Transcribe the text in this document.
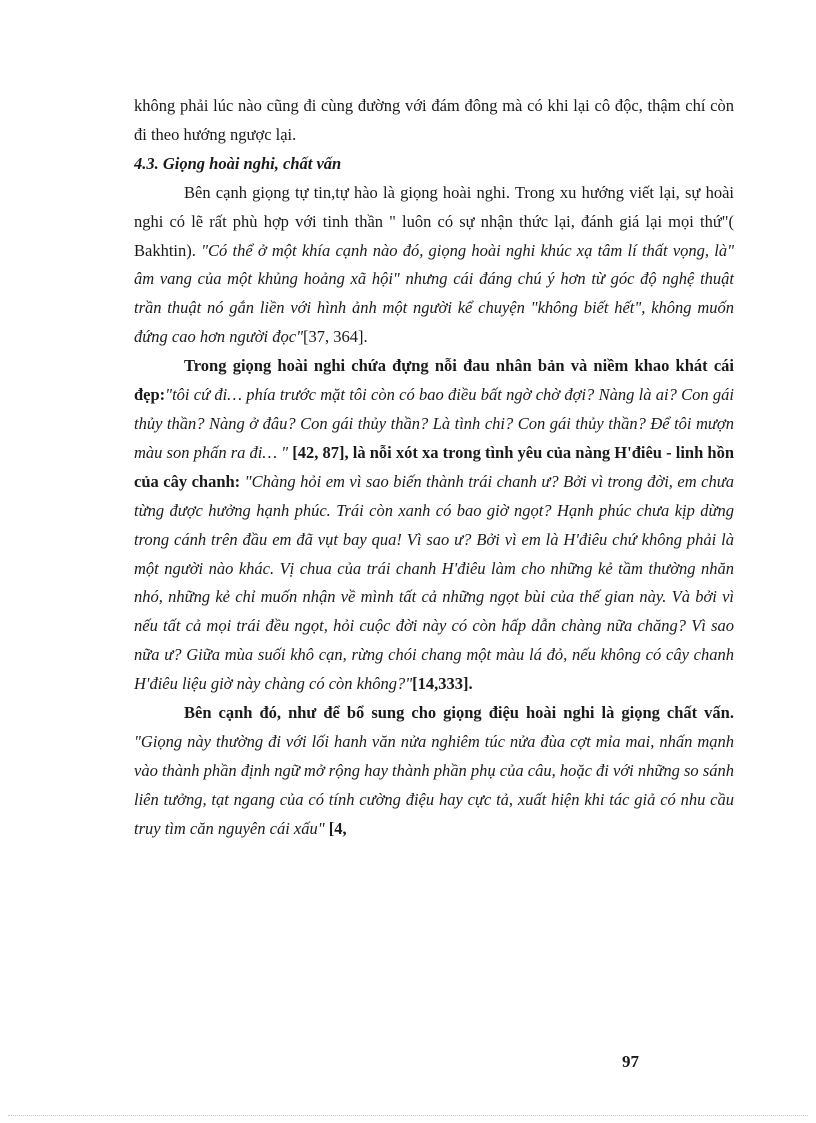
không phải lúc nào cũng đi cùng đường với đám đông mà có khi lại cô độc, thậm chí còn đi theo hướng ngược lại.

4.3. Giọng hoài nghi, chất vấn

Bên cạnh giọng tự tin,tự hào là giọng hoài nghi. Trong xu hướng viết lại, sự hoài nghi có lẽ rất phù hợp với tinh thần " luôn có sự nhận thức lại, đánh giá lại mọi thứ"( Bakhtin). "Có thể ở một khía cạnh nào đó, giọng hoài nghi khúc xạ tâm lí thất vọng, là" âm vang của một khủng hoảng xã hội" nhưng cái đáng chú ý hơn từ góc độ nghệ thuật trần thuật nó gắn liền với hình ảnh một người kể chuyện "không biết hết", không muốn đứng cao hơn người đọc"[37, 364].

Trong giọng hoài nghi chứa đựng nỗi đau nhân bản và niềm khao khát cái đẹp:"tôi cứ đi… phía trước mặt tôi còn có bao điều bất ngờ chờ đợi? Nàng là ai? Con gái thủy thần? Nàng ở đâu? Con gái thủy thần? Là tình chi? Con gái thủy thần? Để tôi mượn màu son phấn ra đi… " [42, 87], là nỗi xót xa trong tình yêu của nàng H'điêu - linh hồn của cây chanh: "Chàng hỏi em vì sao biến thành trái chanh ư? Bởi vì trong đời, em chưa từng được hưởng hạnh phúc. Trái còn xanh có bao giờ ngọt? Hạnh phúc chưa kịp dừng trong cánh trên đầu em đã vụt bay qua! Vì sao ư? Bởi vì em là H'điêu chứ không phải là một người nào khác. Vị chua của trái chanh H'điêu làm cho những kẻ tầm thường nhăn nhó, những kẻ chỉ muốn nhận về mình tất cả những ngọt bùi của thế gian này. Và bởi vì nếu tất cả mọi trái đều ngọt, hỏi cuộc đời này có còn hấp dẫn chàng nữa chăng? Vì sao nữa ư? Giữa mùa suối khô cạn, rừng chói chang một màu lá đỏ, nếu không có cây chanh H'điêu liệu giờ này chàng có còn không?"[14,333].

Bên cạnh đó, như để bổ sung cho giọng điệu hoài nghi là giọng chất vấn. "Giọng này thường đi với lối hanh văn nửa nghiêm túc nửa đùa cợt mỉa mai, nhấn mạnh vào thành phần định ngữ mở rộng hay thành phần phụ của câu, hoặc đi với những so sánh liên tưởng, tạt ngang của có tính cường điệu hay cực tả, xuất hiện khi tác giả có nhu cầu truy tìm căn nguyên cái xấu" [4,

97
